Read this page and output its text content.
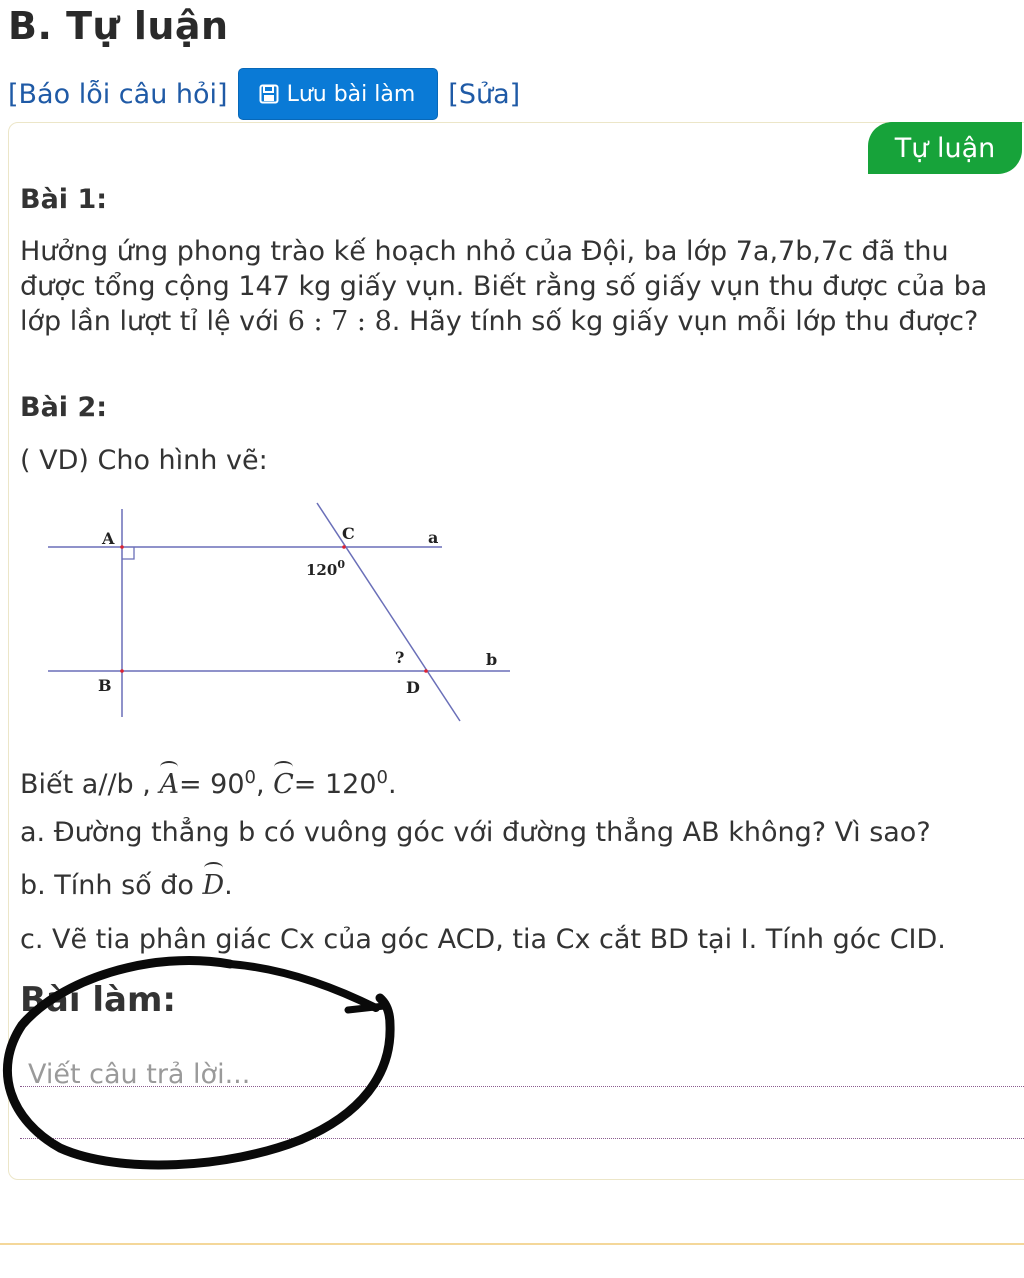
B. Tự luận
[Báo lỗi câu hỏi]	Lưu bài làm [Sửa]
Tự luận
Bài 1:

Hưởng ứng phong trào kế hoạch nhỏ của Đội, ba lớp 7a,7b,7c đã thu được tổng cộng 147 kg giấy vụn. Biết rằng số giấy vụn thu được của ba lớp lần lượt tỉ lệ với 6 : 7 : 8. Hãy tính số kg giấy vụn mỗi lớp thu được?

Bài 2:

( VD) Cho hình vẽ:

A
B
C
D
a
b
$120^0$
?

Biết a//b , $A= 90^0$, $C= 120^0$.

a. Đường thẳng b có vuông góc với đường thẳng AB không? Vì sao?

b. Tính số đo D.

c. Vẽ tia phân giác Cx của góc ACD, tia Cx cắt BD tại I. Tính góc CID.

Bài làm:
Viết câu trả lời...
